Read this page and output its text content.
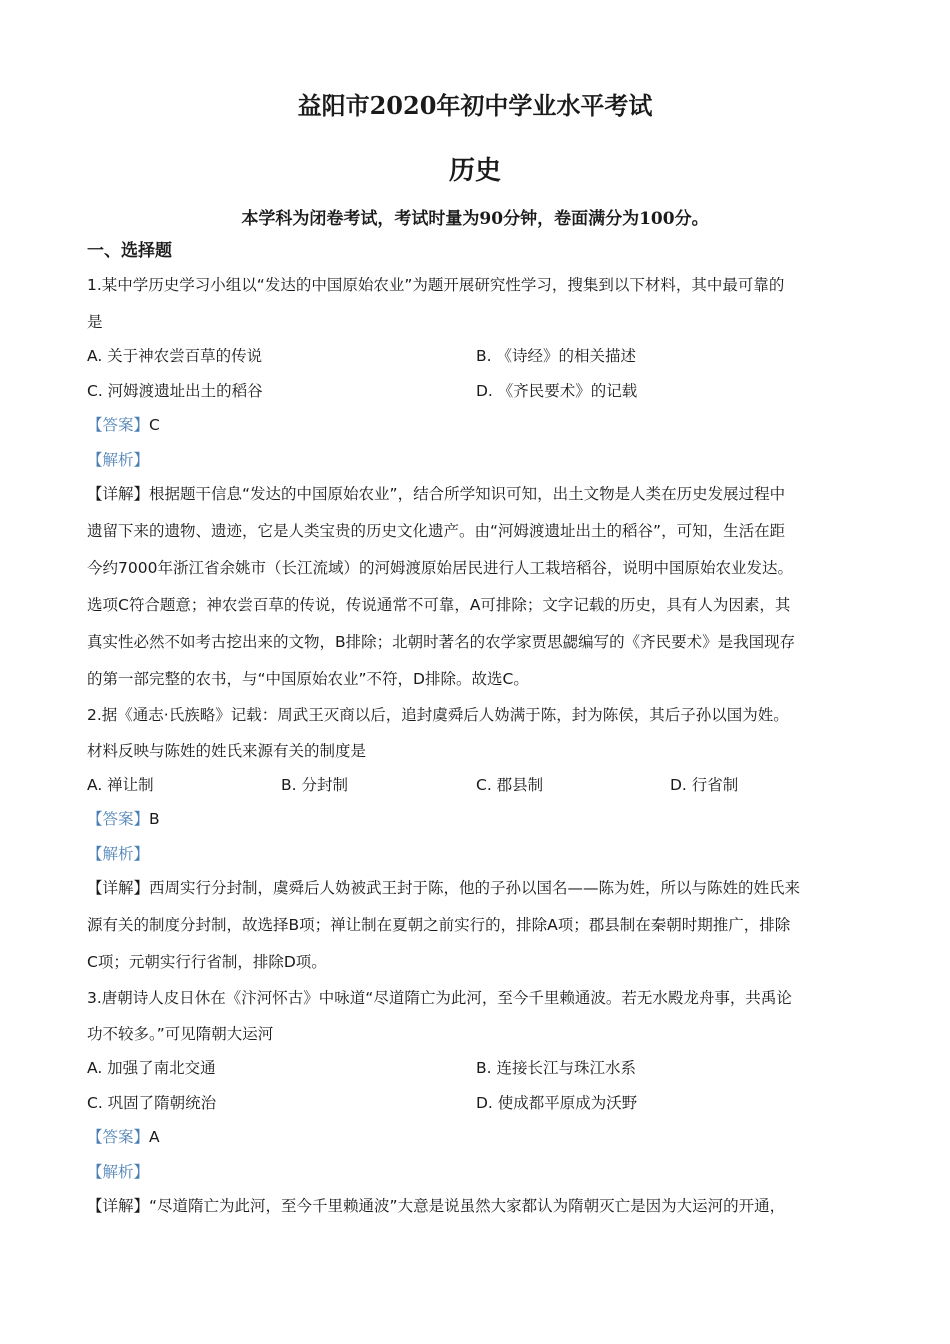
益阳市2020年初中学业水平考试
历史
本学科为闭卷考试，考试时量为90分钟，卷面满分为100分。
一、选择题
1.某中学历史学习小组以“发达的中国原始农业”为题开展研究性学习，搜集到以下材料，其中最可靠的
是
A. 关于神农尝百草的传说	B. 《诗经》的相关描述
C. 河姆渡遗址出土的稻谷	D. 《齐民要术》的记载
【答案】C
【解析】
【详解】根据题干信息“发达的中国原始农业”，结合所学知识可知，出土文物是人类在历史发展过程中
遗留下来的遗物、遗迹，它是人类宝贵的历史文化遗产。由“河姆渡遗址出土的稻谷”，可知，生活在距
今约7000年浙江省余姚市（长江流域）的河姆渡原始居民进行人工栽培稻谷，说明中国原始农业发达。
选项C符合题意；神农尝百草的传说，传说通常不可靠，A可排除；文字记载的历史，具有人为因素，其
真实性必然不如考古挖出来的文物，B排除；北朝时著名的农学家贾思勰编写的《齐民要术》是我国现存
的第一部完整的农书，与“中国原始农业”不符，D排除。故选C。
2.据《通志·氏族略》记载：周武王灭商以后，追封虞舜后人妫满于陈，封为陈侯，其后子孙以国为姓。
材料反映与陈姓的姓氏来源有关的制度是
A. 禅让制	B. 分封制	C. 郡县制	D. 行省制
【答案】B
【解析】
【详解】西周实行分封制，虞舜后人妫被武王封于陈，他的子孙以国名——陈为姓，所以与陈姓的姓氏来
源有关的制度分封制，故选择B项；禅让制在夏朝之前实行的，排除A项；郡县制在秦朝时期推广，排除
C项；元朝实行行省制，排除D项。
3.唐朝诗人皮日休在《汴河怀古》中咏道“尽道隋亡为此河，至今千里赖通波。若无水殿龙舟事，共禹论
功不较多。”可见隋朝大运河
A. 加强了南北交通	B. 连接长江与珠江水系
C. 巩固了隋朝统治	D. 使成都平原成为沃野
【答案】A
【解析】
【详解】“尽道隋亡为此河，至今千里赖通波”大意是说虽然大家都认为隋朝灭亡是因为大运河的开通，
